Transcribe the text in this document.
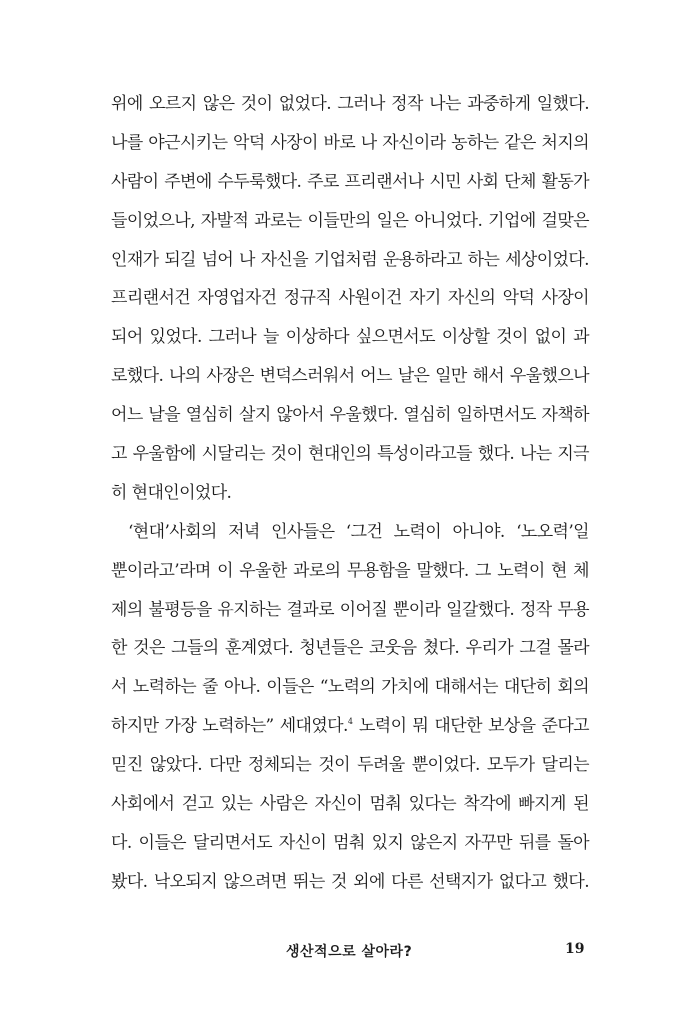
위에 오르지 않은 것이 없었다. 그러나 정작 나는 과중하게 일했다.
나를 야근시키는 악덕 사장이 바로 나 자신이라 농하는 같은 처지의
사람이 주변에 수두룩했다. 주로 프리랜서나 시민 사회 단체 활동가
들이었으나, 자발적 과로는 이들만의 일은 아니었다. 기업에 걸맞은
인재가 되길 넘어 나 자신을 기업처럼 운용하라고 하는 세상이었다.
프리랜서건 자영업자건 정규직 사원이건 자기 자신의 악덕 사장이
되어 있었다. 그러나 늘 이상하다 싶으면서도 이상할 것이 없이 과
로했다. 나의 사장은 변덕스러워서 어느 날은 일만 해서 우울했으나
어느 날을 열심히 살지 않아서 우울했다. 열심히 일하면서도 자책하
고 우울함에 시달리는 것이 현대인의 특성이라고들 했다. 나는 지극
히 현대인이었다.
‘현대’사회의 저녁 인사들은 ‘그건 노력이 아니야. ‘노오력’일
뿐이라고’라며 이 우울한 과로의 무용함을 말했다. 그 노력이 현 체
제의 불평등을 유지하는 결과로 이어질 뿐이라 일갈했다. 정작 무용
한 것은 그들의 훈계였다. 청년들은 코웃음 쳤다. 우리가 그걸 몰라
서 노력하는 줄 아나. 이들은 “노력의 가치에 대해서는 대단히 회의
하지만 가장 노력하는” 세대였다.$^4$ 노력이 뭐 대단한 보상을 준다고
믿진 않았다. 다만 정체되는 것이 두려울 뿐이었다. 모두가 달리는
사회에서 걷고 있는 사람은 자신이 멈춰 있다는 착각에 빠지게 된
다. 이들은 달리면서도 자신이 멈춰 있지 않은지 자꾸만 뒤를 돌아
봤다. 낙오되지 않으려면 뛰는 것 외에 다른 선택지가 없다고 했다.
생산적으로 살아라?	19
